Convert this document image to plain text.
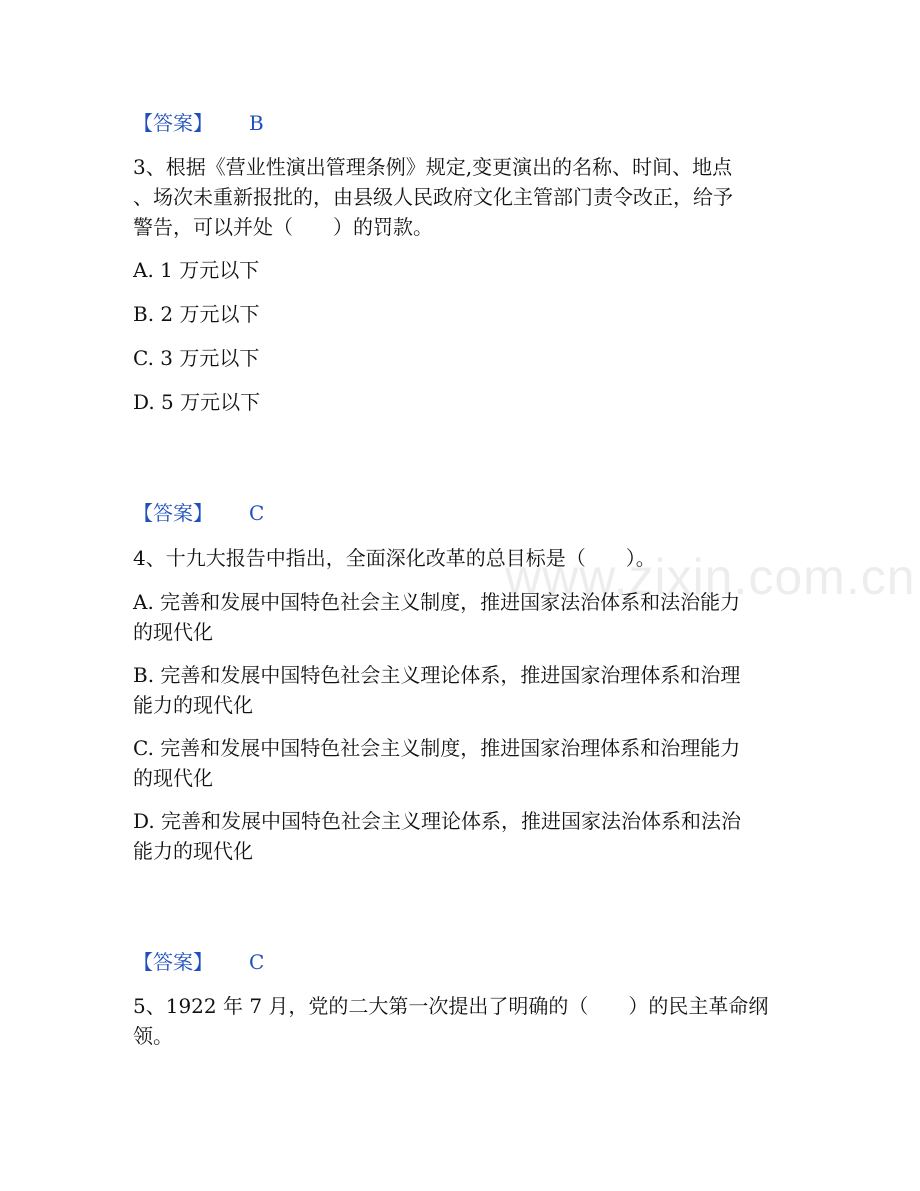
www.zixin.com.cn
【答案】 B
3、根据《营业性演出管理条例》规定,变更演出的名称、时间、地点
、场次未重新报批的，由县级人民政府文化主管部门责令改正，给予
警告，可以并处（　　）的罚款。
A. 1 万元以下
B. 2 万元以下
C. 3 万元以下
D. 5 万元以下
【答案】 C
4、十九大报告中指出，全面深化改革的总目标是（　　）。
A. 完善和发展中国特色社会主义制度，推进国家法治体系和法治能力
的现代化
B. 完善和发展中国特色社会主义理论体系，推进国家治理体系和治理
能力的现代化
C. 完善和发展中国特色社会主义制度，推进国家治理体系和治理能力
的现代化
D. 完善和发展中国特色社会主义理论体系，推进国家法治体系和法治
能力的现代化
【答案】 C
5、1922 年 7 月，党的二大第一次提出了明确的（　　）的民主革命纲
领。
